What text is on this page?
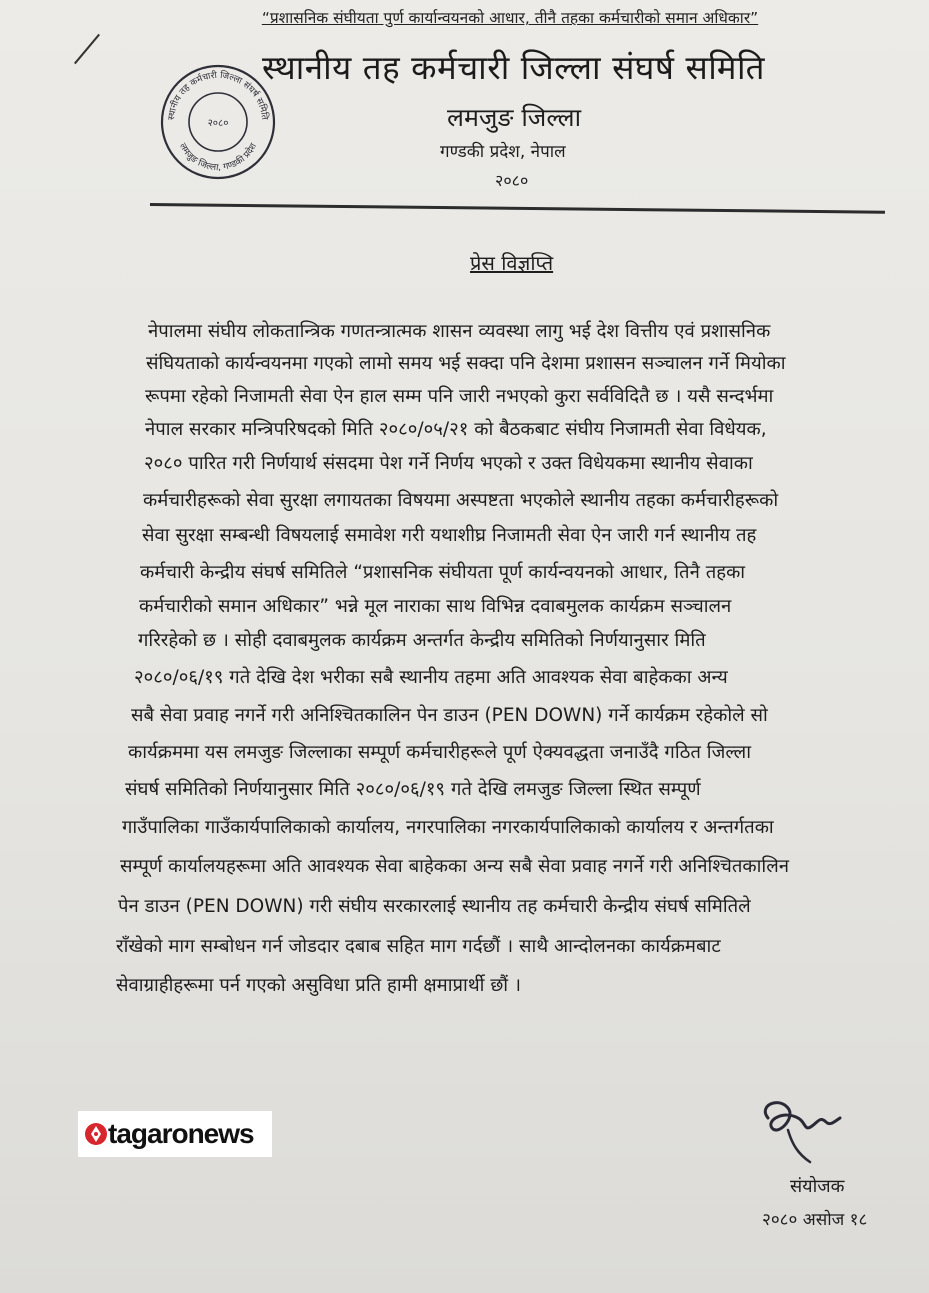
“प्रशासनिक संघीयता पुर्ण कार्यान्वयनको आधार, तीनै तहका कर्मचारीको समान अधिकार”
स्थानीय तह कर्मचारी जिल्ला संघर्ष समिति
लमजुङ जिल्ला, गण्डकी प्रदेश
२०८०
स्थानीय तह कर्मचारी जिल्ला संघर्ष समिति
लमजुङ जिल्ला
गण्डकी प्रदेश, नेपाल
२०८०
प्रेस विज्ञप्ति
नेपालमा संघीय लोकतान्त्रिक गणतन्त्रात्मक शासन व्यवस्था लागु भई देश वित्तीय एवं प्रशासनिक
संघियताको कार्यन्वयनमा गएको लामो समय भई सक्दा पनि देशमा प्रशासन सञ्चालन गर्ने मियोका
रूपमा रहेको निजामती सेवा ऐन हाल सम्म पनि जारी नभएको कुरा सर्वविदितै छ । यसै सन्दर्भमा
नेपाल सरकार मन्त्रिपरिषदको मिति २०८०/०५/२१ को बैठकबाट संघीय निजामती सेवा विधेयक,
२०८० पारित गरी निर्णयार्थ संसदमा पेश गर्ने निर्णय भएको र उक्त विधेयकमा स्थानीय सेवाका
कर्मचारीहरूको सेवा सुरक्षा लगायतका विषयमा अस्पष्टता भएकोले स्थानीय तहका कर्मचारीहरूको
सेवा सुरक्षा सम्बन्धी विषयलाई समावेश गरी यथाशीघ्र निजामती सेवा ऐन जारी गर्न स्थानीय तह
कर्मचारी केन्द्रीय संघर्ष समितिले “प्रशासनिक संघीयता पूर्ण कार्यन्वयनको आधार, तिनै तहका
कर्मचारीको समान अधिकार” भन्ने मूल नाराका साथ विभिन्न दवाबमुलक कार्यक्रम सञ्चालन
गरिरहेको छ । सोही दवाबमुलक कार्यक्रम अन्तर्गत केन्द्रीय समितिको निर्णयानुसार मिति
२०८०/०६/१९ गते देखि देश भरीका सबै स्थानीय तहमा अति आवश्यक सेवा बाहेकका अन्य
सबै सेवा प्रवाह नगर्ने गरी अनिश्चितकालिन पेन डाउन (PEN DOWN) गर्ने कार्यक्रम रहेकोले सो
कार्यक्रममा यस लमजुङ जिल्लाका सम्पूर्ण कर्मचारीहरूले पूर्ण ऐक्यवद्धता जनाउँदै गठित जिल्ला
संघर्ष समितिको निर्णयानुसार मिति २०८०/०६/१९ गते देखि लमजुङ जिल्ला स्थित सम्पूर्ण
गाउँपालिका गाउँकार्यपालिकाको कार्यालय, नगरपालिका नगरकार्यपालिकाको कार्यालय र अन्तर्गतका
सम्पूर्ण कार्यालयहरूमा अति आवश्यक सेवा बाहेकका अन्य सबै सेवा प्रवाह नगर्ने गरी अनिश्चितकालिन
पेन डाउन (PEN DOWN) गरी संघीय सरकारलाई स्थानीय तह कर्मचारी केन्द्रीय संघर्ष समितिले
राँखेको माग सम्बोधन गर्न जोडदार दबाब सहित माग गर्दछौं । साथै आन्दोलनका कार्यक्रमबाट
सेवाग्राहीहरूमा पर्न गएको असुविधा प्रति हामी क्षमाप्रार्थी छौं ।
tagaronews
संयोजक
२०८० असोज १८
